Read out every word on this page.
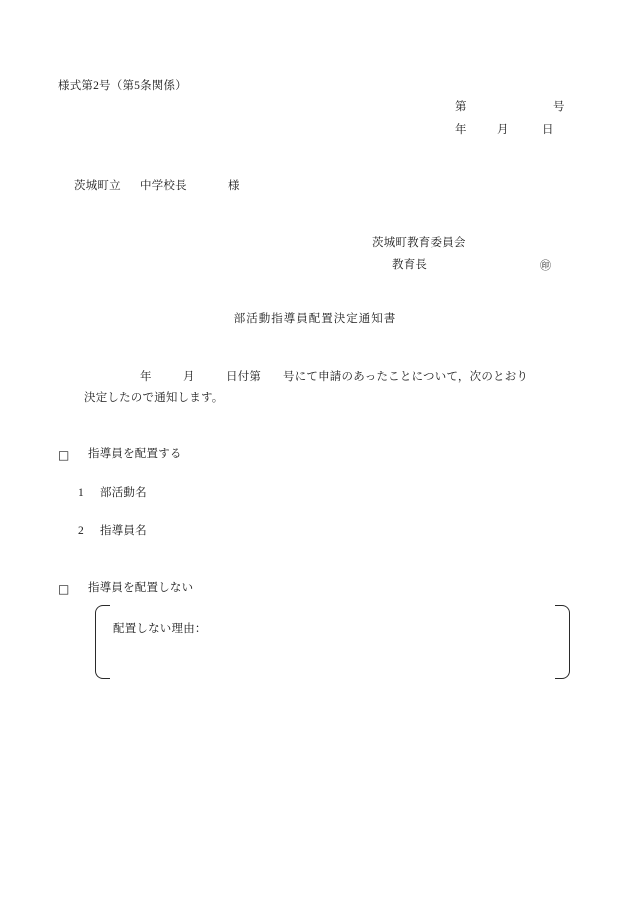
様式第2号（第5条関係）
第	号
年	月	日
茨城町立 中学校長	様
茨城町教育委員会
教育長	㊞
部活動指導員配置決定通知書
年	月	日付第 号にて申請のあったことについて，次のとおり
決定したので通知します。
□ 指導員を配置する
1 部活動名
2 指導員名
□ 指導員を配置しない
配置しない理由：
